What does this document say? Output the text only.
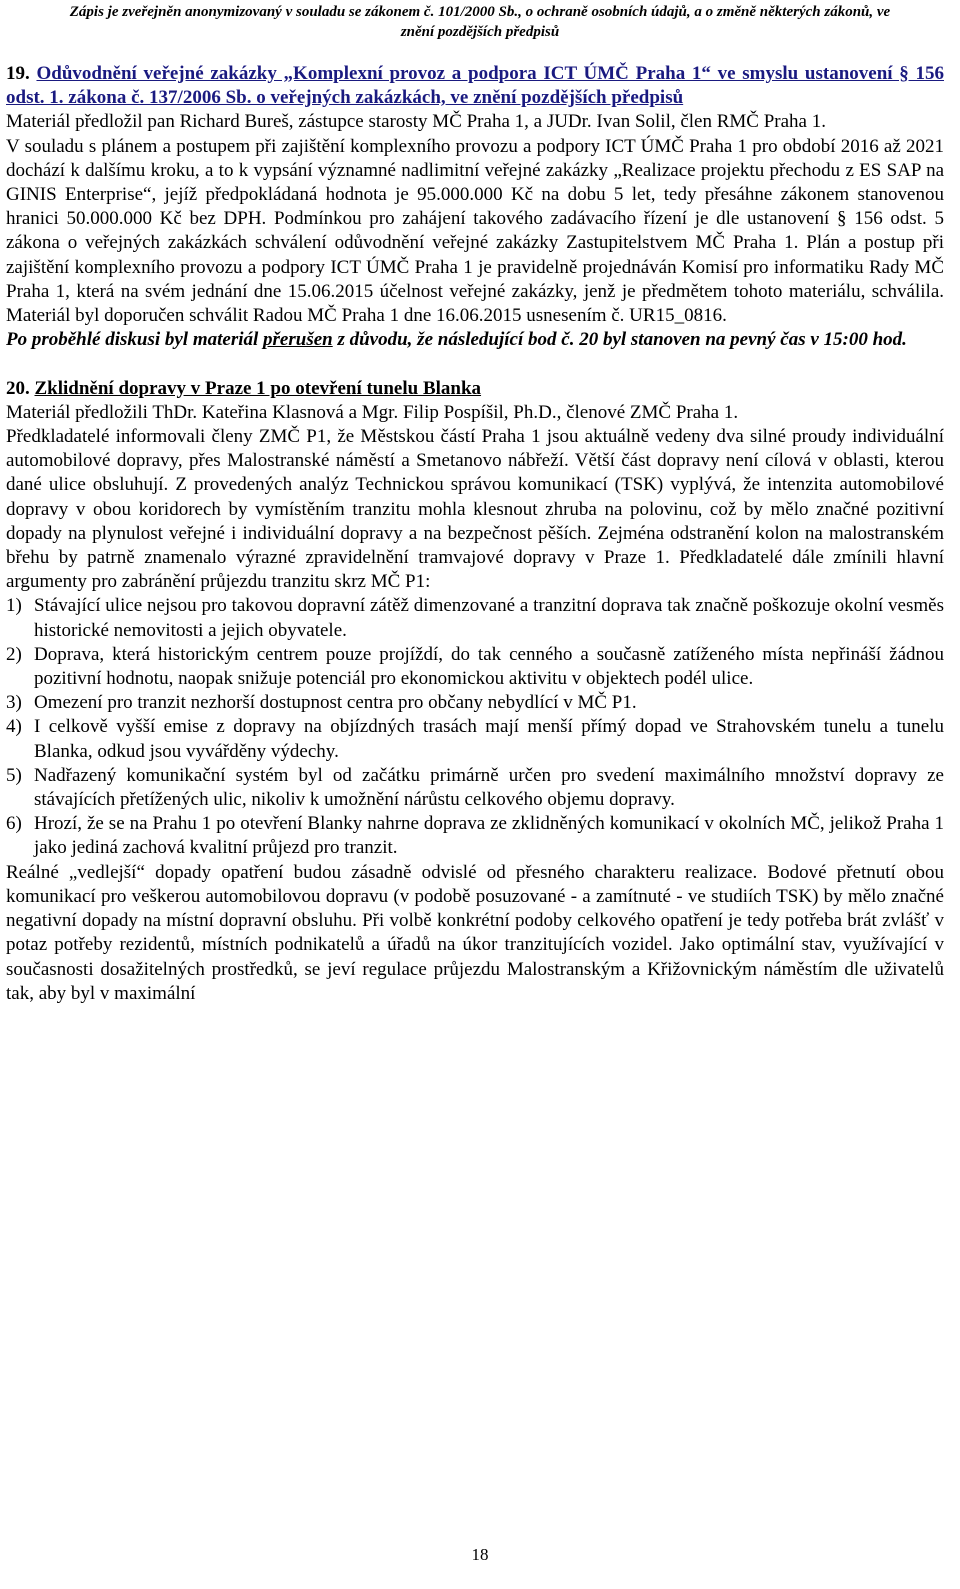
Zápis je zveřejněn anonymizovaný v souladu se zákonem č. 101/2000 Sb., o ochraně osobních údajů, a o změně některých zákonů, ve
znění pozdějších předpisů

19. Odůvodnění veřejné zakázky „Komplexní provoz a podpora ICT ÚMČ Praha 1“ ve smyslu ustanovení § 156 odst. 1. zákona č. 137/2006 Sb. o veřejných zakázkách, ve znění pozdějších předpisů

Materiál předložil pan Richard Bureš, zástupce starosty MČ Praha 1, a JUDr. Ivan Solil, člen RMČ Praha 1.

V souladu s plánem a postupem při zajištění komplexního provozu a podpory ICT ÚMČ Praha 1 pro období 2016 až 2021 dochází k dalšímu kroku, a to k vypsání významné nadlimitní veřejné zakázky „Realizace projektu přechodu z ES SAP na GINIS Enterprise“, jejíž předpokládaná hodnota je 95.000.000 Kč na dobu 5 let, tedy přesáhne zákonem stanovenou hranici 50.000.000 Kč bez DPH. Podmínkou pro zahájení takového zadávacího řízení je dle ustanovení § 156 odst. 5 zákona o veřejných zakázkách schválení odůvodnění veřejné zakázky Zastupitelstvem MČ Praha 1. Plán a postup při zajištění komplexního provozu a podpory ICT ÚMČ Praha 1 je pravidelně projednáván Komisí pro informatiku Rady MČ Praha 1, která na svém jednání dne 15.06.2015 účelnost veřejné zakázky, jenž je předmětem tohoto materiálu, schválila. Materiál byl doporučen schválit Radou MČ Praha 1 dne 16.06.2015 usnesením č. UR15_0816.

Po proběhlé diskusi byl materiál přerušen z důvodu, že následující bod č. 20 byl stanoven na pevný čas v 15:00 hod.

20. Zklidnění dopravy v Praze 1 po otevření tunelu Blanka

Materiál předložili ThDr. Kateřina Klasnová a Mgr. Filip Pospíšil, Ph.D., členové ZMČ Praha 1.

Předkladatelé informovali členy ZMČ P1, že Městskou částí Praha 1 jsou aktuálně vedeny dva silné proudy individuální automobilové dopravy, přes Malostranské náměstí a Smetanovo nábřeží. Větší část dopravy není cílová v oblasti, kterou dané ulice obsluhují. Z provedených analýz Technickou správou komunikací (TSK) vyplývá, že intenzita automobilové dopravy v obou koridorech by vymístěním tranzitu mohla klesnout zhruba na polovinu, což by mělo značné pozitivní dopady na plynulost veřejné i individuální dopravy a na bezpečnost pěších. Zejména odstranění kolon na malostranském břehu by patrně znamenalo výrazné zpravidelnění tramvajové dopravy v Praze 1. Předkladatelé dále zmínili hlavní argumenty pro zabránění průjezdu tranzitu skrz MČ P1:

1) Stávající ulice nejsou pro takovou dopravní zátěž dimenzované a tranzitní doprava tak značně poškozuje okolní vesměs historické nemovitosti a jejich obyvatele.
2) Doprava, která historickým centrem pouze projíždí, do tak cenného a současně zatíženého místa nepřináší žádnou pozitivní hodnotu, naopak snižuje potenciál pro ekonomickou aktivitu v objektech podél ulice.
3) Omezení pro tranzit nezhorší dostupnost centra pro občany nebydlící v MČ P1.
4) I celkově vyšší emise z dopravy na objízdných trasách mají menší přímý dopad ve Strahovském tunelu a tunelu Blanka, odkud jsou vyvářděny výdechy.
5) Nadřazený komunikační systém byl od začátku primárně určen pro svedení maximálního množství dopravy ze stávajících přetížených ulic, nikoliv k umožnění nárůstu celkového objemu dopravy.
6) Hrozí, že se na Prahu 1 po otevření Blanky nahrne doprava ze zklidněných komunikací v okolních MČ, jelikož Praha 1 jako jediná zachová kvalitní průjezd pro tranzit.

Reálné „vedlejší“ dopady opatření budou zásadně odvislé od přesného charakteru realizace. Bodové přetnutí obou komunikací pro veškerou automobilovou dopravu (v podobě posuzované - a zamítnuté - ve studiích TSK) by mělo značné negativní dopady na místní dopravní obsluhu. Při volbě konkrétní podoby celkového opatření je tedy potřeba brát zvlášť v potaz potřeby rezidentů, místních podnikatelů a úřadů na úkor tranzitujících vozidel. Jako optimální stav, využívající v současnosti dosažitelných prostředků, se jeví regulace průjezdu Malostranským a Křižovnickým náměstím dle uživatelů tak, aby byl v maximální

18
